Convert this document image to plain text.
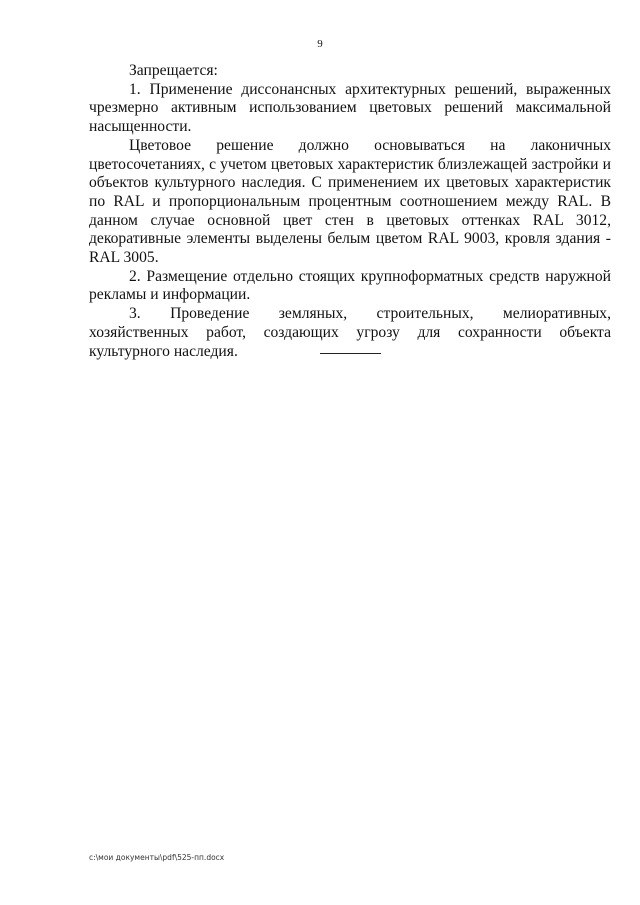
9

Запрещается:

1. Применение диссонансных архитектурных решений, выраженных чрезмерно активным использованием цветовых решений максимальной насыщенности.

Цветовое решение должно основываться на лаконичных цветосочетаниях, с учетом цветовых характеристик близлежащей застройки и объектов культурного наследия. С применением их цветовых характеристик по RAL и пропорциональным процентным соотношением между RAL. В данном случае основной цвет стен в цветовых оттенках RAL 3012, декоративные элементы выделены белым цветом RAL 9003, кровля здания - RAL 3005.

2. Размещение отдельно стоящих крупноформатных средств наружной рекламы и информации.

3. Проведение земляных, строительных, мелиоративных, хозяйственных работ, создающих угрозу для сохранности объекта культурного наследия.

c:\мои документы\pdf\525-пп.docx
